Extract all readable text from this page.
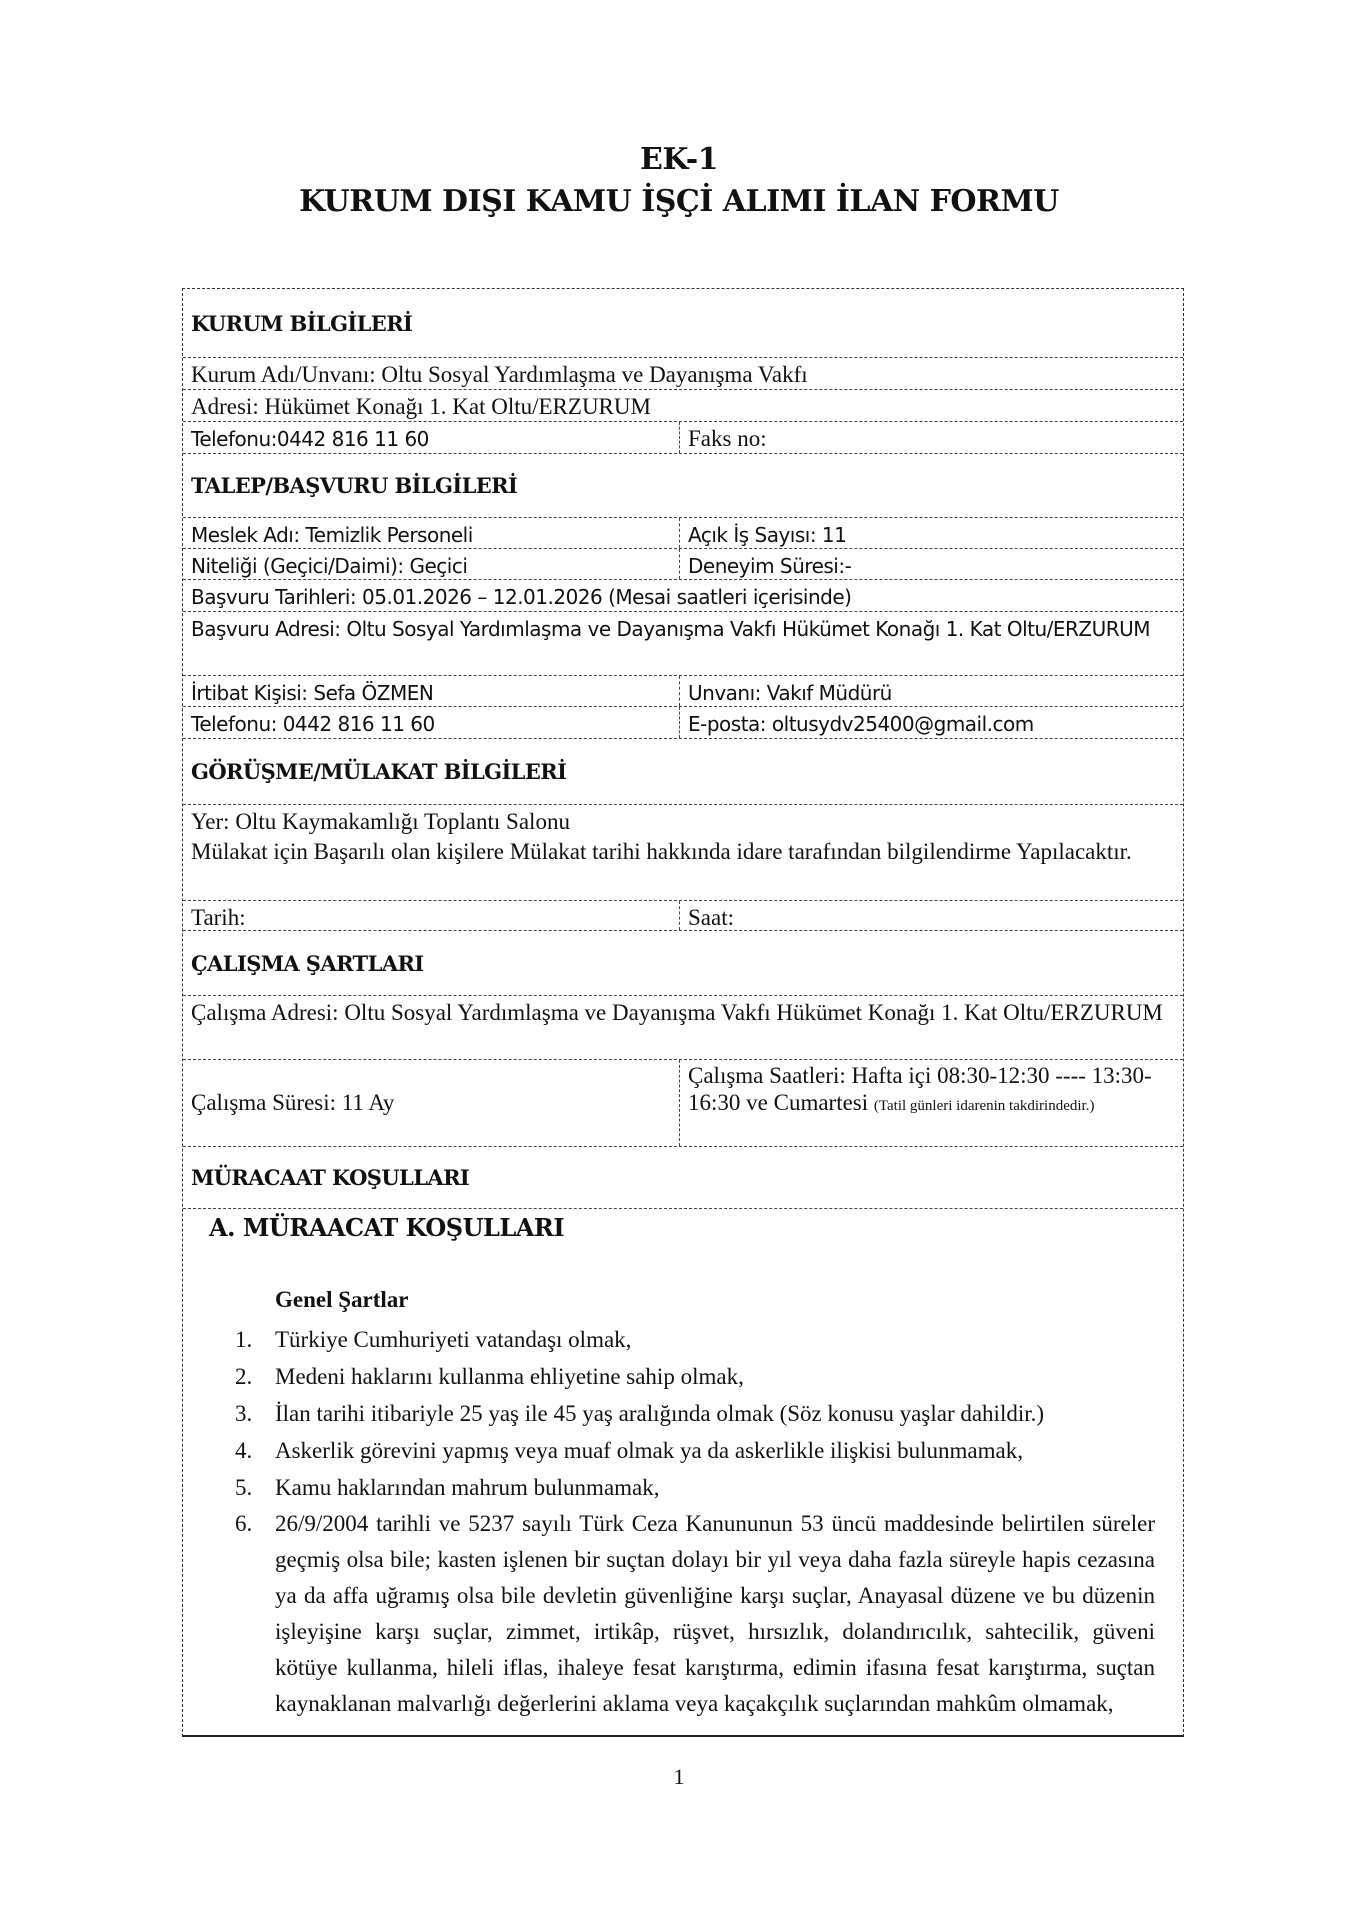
EK-1
KURUM DIŞI KAMU İŞÇİ ALIMI İLAN FORMU
KURUM BİLGİLERİ
Kurum Adı/Unvanı: Oltu Sosyal Yardımlaşma ve Dayanışma Vakfı
Adresi: Hükümet Konağı 1. Kat Oltu/ERZURUM
Telefonu:0442 816 11 60	Faks no:
TALEP/BAŞVURU BİLGİLERİ
Meslek Adı: Temizlik Personeli	Açık İş Sayısı: 11
Niteliği (Geçici/Daimi): Geçici	Deneyim Süresi:-
Başvuru Tarihleri: 05.01.2026 – 12.01.2026 (Mesai saatleri içerisinde)
Başvuru Adresi: Oltu Sosyal Yardımlaşma ve Dayanışma Vakfı Hükümet Konağı 1. Kat Oltu/ERZURUM
İrtibat Kişisi: Sefa ÖZMEN	Unvanı: Vakıf Müdürü
Telefonu: 0442 816 11 60	E-posta: oltusydv25400@gmail.com
GÖRÜŞME/MÜLAKAT BİLGİLERİ
Yer: Oltu Kaymakamlığı Toplantı Salonu
Mülakat için Başarılı olan kişilere Mülakat tarihi hakkında idare tarafından bilgilendirme Yapılacaktır.
Tarih:	Saat:
ÇALIŞMA ŞARTLARI
Çalışma Adresi: Oltu Sosyal Yardımlaşma ve Dayanışma Vakfı Hükümet Konağı 1. Kat Oltu/ERZURUM
Çalışma Süresi: 11 Ay
Çalışma Saatleri: Hafta içi 08:30-12:30 ---- 13:30-16:30 ve Cumartesi (Tatil günleri idarenin takdirindedir.)
MÜRACAAT KOŞULLARI
A. MÜRAACAT KOŞULLARI
Genel Şartlar
1. Türkiye Cumhuriyeti vatandaşı olmak,
2. Medeni haklarını kullanma ehliyetine sahip olmak,
3. İlan tarihi itibariyle 25 yaş ile 45 yaş aralığında olmak (Söz konusu yaşlar dahildir.)
4. Askerlik görevini yapmış veya muaf olmak ya da askerlikle ilişkisi bulunmamak,
5. Kamu haklarından mahrum bulunmamak,
6. 26/9/2004 tarihli ve 5237 sayılı Türk Ceza Kanununun 53 üncü maddesinde belirtilen süreler geçmiş olsa bile; kasten işlenen bir suçtan dolayı bir yıl veya daha fazla süreyle hapis cezasına ya da affa uğramış olsa bile devletin güvenliğine karşı suçlar, Anayasal düzene ve bu düzenin işleyişine karşı suçlar, zimmet, irtikâp, rüşvet, hırsızlık, dolandırıcılık, sahtecilik, güveni kötüye kullanma, hileli iflas, ihaleye fesat karıştırma, edimin ifasına fesat karıştırma, suçtan kaynaklanan malvarlığı değerlerini aklama veya kaçakçılık suçlarından mahkûm olmamak,
1
